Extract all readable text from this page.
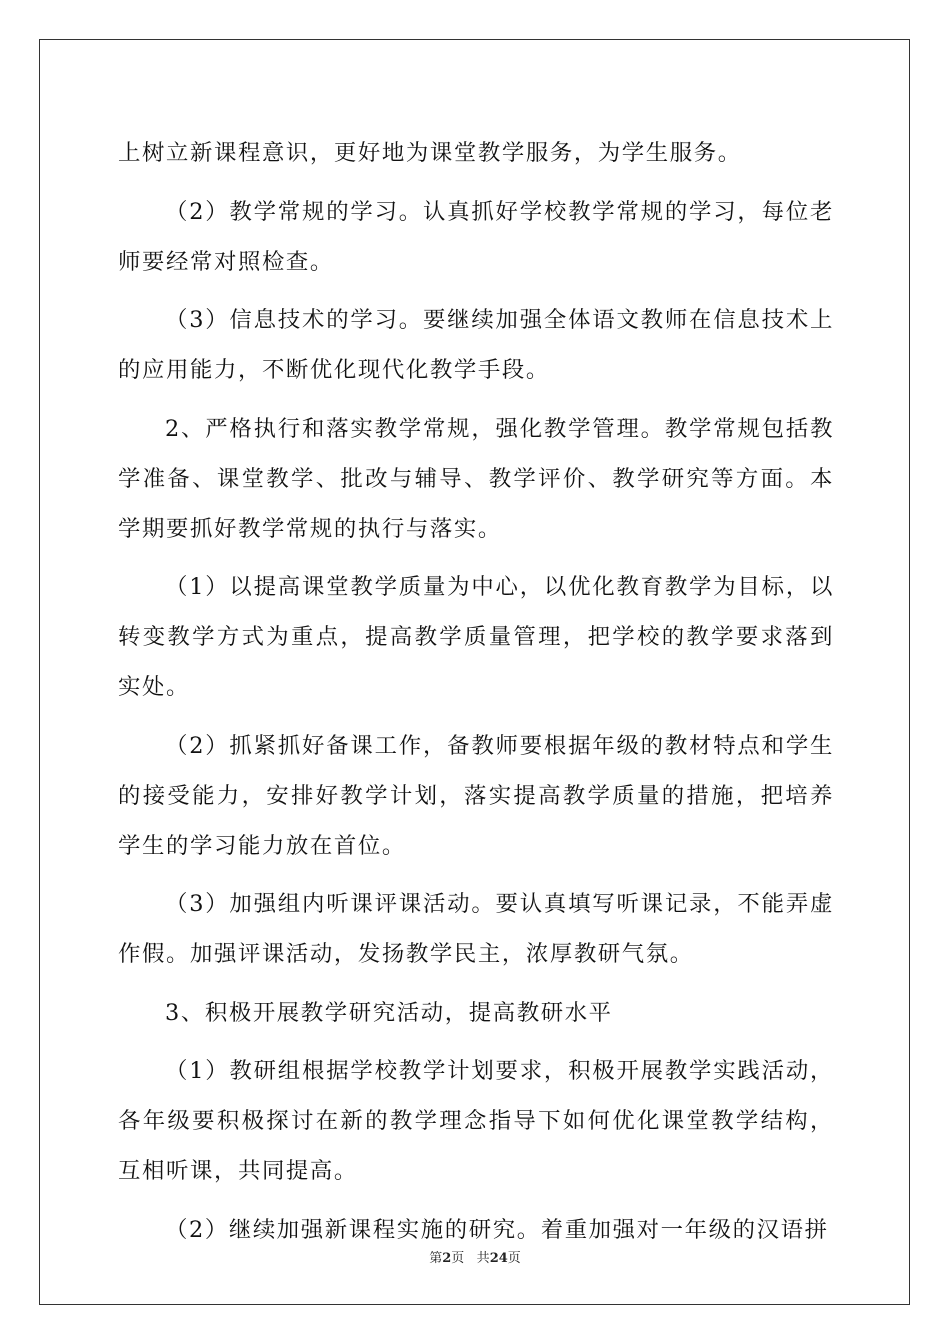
上树立新课程意识，更好地为课堂教学服务，为学生服务。

（2）教学常规的学习。认真抓好学校教学常规的学习，每位老师要经常对照检查。

（3）信息技术的学习。要继续加强全体语文教师在信息技术上的应用能力，不断优化现代化教学手段。

2、严格执行和落实教学常规，强化教学管理。教学常规包括教学准备、课堂教学、批改与辅导、教学评价、教学研究等方面。本学期要抓好教学常规的执行与落实。

（1）以提高课堂教学质量为中心，以优化教育教学为目标，以转变教学方式为重点，提高教学质量管理，把学校的教学要求落到实处。

（2）抓紧抓好备课工作，备教师要根据年级的教材特点和学生的接受能力，安排好教学计划，落实提高教学质量的措施，把培养学生的学习能力放在首位。

（3）加强组内听课评课活动。要认真填写听课记录，不能弄虚作假。加强评课活动，发扬教学民主，浓厚教研气氛。

3、积极开展教学研究活动，提高教研水平

（1）教研组根据学校教学计划要求，积极开展教学实践活动，各年级要积极探讨在新的教学理念指导下如何优化课堂教学结构，互相听课，共同提高。

（2）继续加强新课程实施的研究。着重加强对一年级的汉语拼

第2页 共24页
